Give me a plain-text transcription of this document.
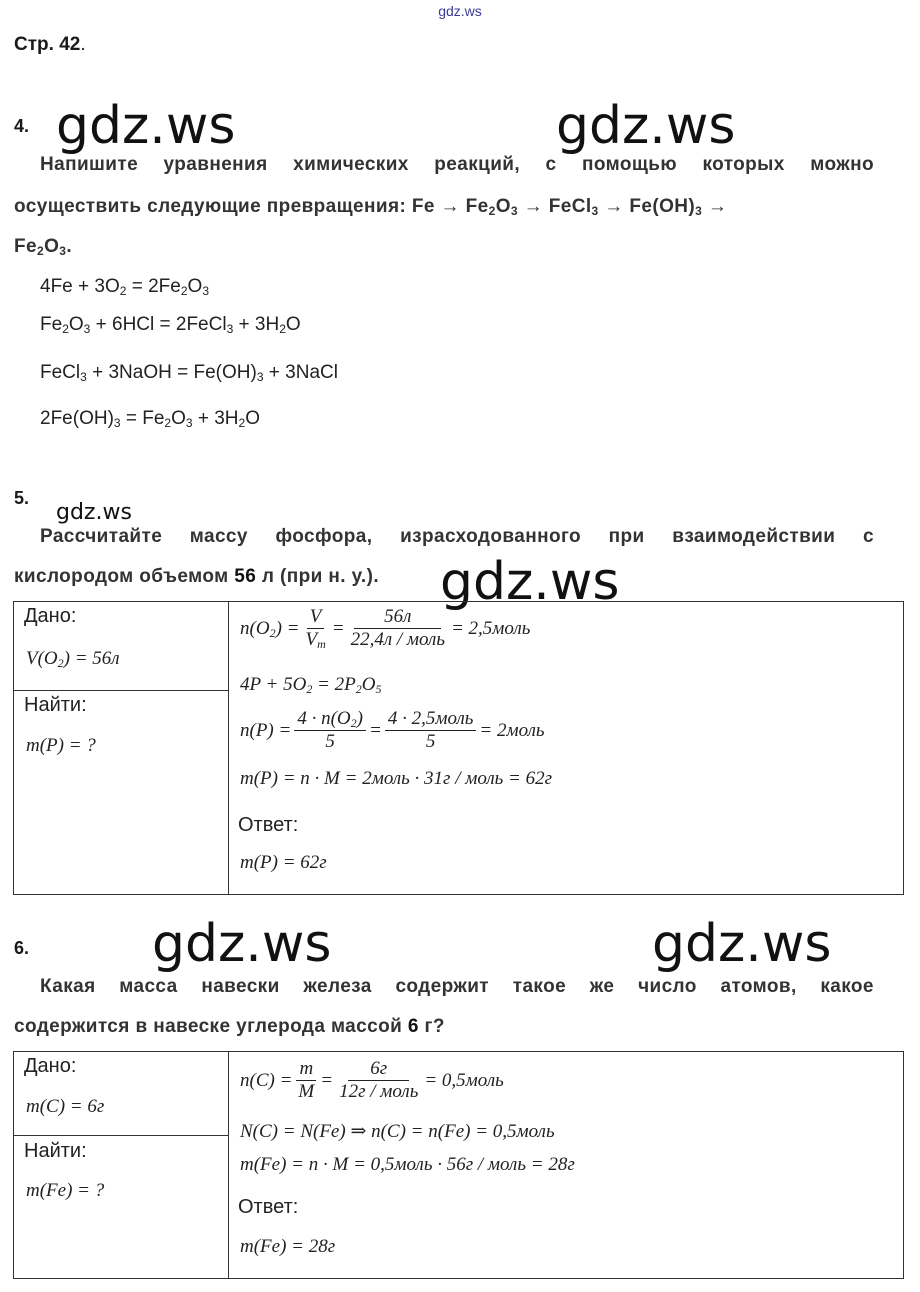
gdz.ws
Стр. 42.
4. gdz.ws	gdz.ws
Напишите уравнения химических реакций, с помощью которых можно
осуществить следующие превращения: $Fe \to Fe_2O_3$ → FeCl$_3$ → $Fe(OH)_3$ →
$Fe_2O_3$.
$4Fe + 3O_2 = 2Fe_2O_3$
$Fe_2O_3 + 6HCl$ = 2FeCl$_3$ + $3H_2O$
FeCl$_3$ + 3NaOH = $Fe(OH)_3$ + 3NaCl
$2Fe(OH)_3 = Fe_2O_3 + 3H_2O$
5.
gdz.ws
Рассчитайте массу фосфора, израсходованного при взаимодействии с
кислородом объемом 56 л (при н. у.). gdz.ws
Дано:
$V(O_2) = 56л$
Найти:
m(P) = ?
$n(O_2) = \frac{V}{V_m} = \frac{56л}{\text{22,4л / моль}}$ = 2,5моль
$4P + 5O_2 = 2P_2O_5$
$n(P) = \frac{4 \cdot n(O_2)}{5} = \frac{\text{4 · 2,5моль}}{5}$ = 2моль
m(P) = n · M = 2моль · 31г / моль = 62г
Ответ:
m(P) = 62г
6. gdz.ws	gdz.ws
Какая масса навески железа содержит такое же число атомов, какое
содержится в навеске углерода массой 6 г?
Дано:
m(C) = 6г
Найти:
m(Fe) = ?
$n(C) = \frac{m}{M} = \frac{6г}{\text{12г / моль}}$ = 0,5моль
N(C) = N(Fe) ⇒ n(C) = n(Fe) = 0,5моль
m(Fe) = n · M = 0,5моль · 56г / моль = 28г
Ответ:
m(Fe) = 28г
